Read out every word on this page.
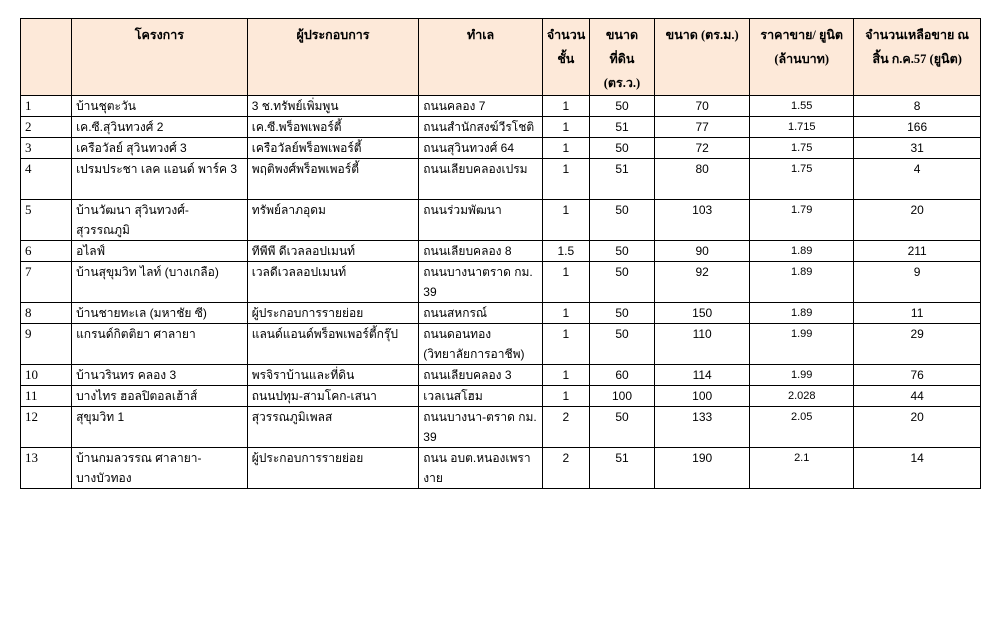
	โครงการ	ผู้ประกอบการ	ทำเล	จำนวนชั้น	ขนาดที่ดิน (ตร.ว.)	ขนาด (ตร.ม.)	ราคาขาย/ ยูนิต (ล้านบาท)	จำนวนเหลือขาย ณ สิ้น ก.ค.57 (ยูนิต)
1	บ้านชุตะวัน	3 ช.ทรัพย์เพิ่มพูน	ถนนคลอง 7	1	50	70	1.55	8
2	เค.ซี.สุวินทวงศ์ 2	เค.ซี.พร็อพเพอร์ตี้	ถนนสำนักสงฆ์วีรโชติ	1	51	77	1.715	166
3	เครือวัลย์ สุวินทวงศ์ 3	เครือวัลย์พร็อพเพอร์ตี้	ถนนสุวินทวงศ์ 64	1	50	72	1.75	31
4	เปรมประชา เลค แอนด์ พาร์ค 3	พฤติพงศ์พร็อพเพอร์ตี้	ถนนเลียบคลองเปรม	1	51	80	1.75	4
5	บ้านวัฒนา สุวินทวงศ์-สุวรรณภูมิ	ทรัพย์ลาภอุดม	ถนนร่วมพัฒนา	1	50	103	1.79	20
6	อไลฟ์	ทีพีพี ดีเวลลอปเมนท์	ถนนเลียบคลอง 8	1.5	50	90	1.89	211
7	บ้านสุขุมวิท ไลท์ (บางเกลือ)	เวลดีเวลลอปเมนท์	ถนนบางนาตราด กม. 39	1	50	92	1.89	9
8	บ้านชายทะเล (มหาชัย ซี)	ผู้ประกอบการรายย่อย	ถนนสหกรณ์	1	50	150	1.89	11
9	แกรนด์กิตติยา ศาลายา	แลนด์แอนด์พร็อพเพอร์ตี้กรุ๊ป	ถนนดอนทอง (วิทยาลัยการอาชีพ)	1	50	110	1.99	29
10	บ้านวรินทร คลอง 3	พรจิราบ้านและที่ดิน	ถนนเลียบคลอง 3	1	60	114	1.99	76
11	บางไทร ฮอลปิตอลเฮ้าส์	ถนนปทุม-สามโคก-เสนา	เวลเนสโฮม	1	100	100	2.028	44
12	สุขุมวิท 1	สุวรรณภูมิเพลส	ถนนบางนา-ตราด กม. 39	2	50	133	2.05	20
13	บ้านกมลวรรณ ศาลายา-บางบัวทอง	ผู้ประกอบการรายย่อย	ถนน อบต.หนองเพรางาย	2	51	190	2.1	14
